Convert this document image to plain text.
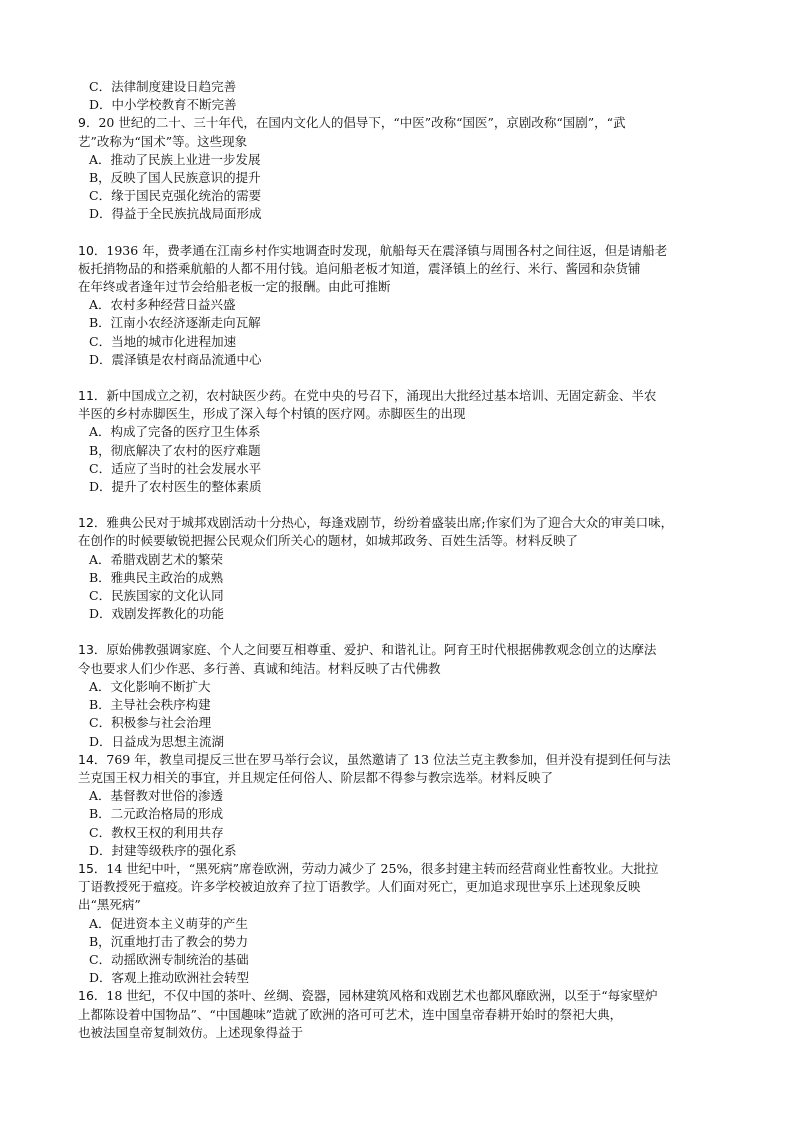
C．法律制度建设日趋完善
D．中小学校教育不断完善
9．20 世纪的二十、三十年代，在国内文化人的倡导下，“中医”改称“国医”，京剧改称“国剧”，“武
艺”改称为“国术”等。这些现象
A．推动了民族上业进一步发展
B，反映了国人民族意识的提升
C．缘于国民克强化统治的需要
D．得益于全民族抗战局面形成
10．1936 年，费孝通在江南乡村作实地调查时发现，航船每天在震泽镇与周围各村之间往返，但是请船老
板托捎物品的和搭乘航船的人都不用付钱。追问船老板才知道，震泽镇上的丝行、米行、酱园和杂货铺
在年终或者逢年过节会给船老板一定的报酬。由此可推断
A．农村多种经营日益兴盛
B．江南小农经济逐渐走向瓦解
C．当地的城市化进程加速
D．震泽镇是农村商品流通中心
11．新中国成立之初，农村缺医少药。在党中央的号召下，涌现出大批经过基本培训、无固定薪金、半农
半医的乡村赤脚医生，形成了深入每个村镇的医疗网。赤脚医生的出现
A．构成了完备的医疗卫生体系
B，彻底解决了农村的医疗难题
C．适应了当时的社会发展水平
D．提升了农村医生的整体素质
12．雅典公民对于城邦戏剧活动十分热心，每逢戏剧节，纷纷着盛装出席;作家们为了迎合大众的审美口味，
在创作的时候要敏锐把握公民观众们所关心的题材，如城邦政务、百姓生活等。材料反映了
A．希腊戏剧艺术的繁荣
B．雅典民主政治的成熟
C．民族国家的文化认同
D．戏剧发挥教化的功能
13．原始佛教强调家庭、个人之间要互相尊重、爱护、和谐礼让。阿育王时代根据佛教观念创立的达摩法
令也要求人们少作恶、多行善、真诚和纯洁。材料反映了古代佛教
A．文化影响不断扩大
B．主导社会秩序构建
C．积极参与社会治理
D．日益成为思想主流湖
14．769 年，教皇司提反三世在罗马举行会议，虽然邀请了 13 位法兰克主教参加，但并没有提到任何与法
兰克国王权力相关的事宜，并且规定任何俗人、阶层都不得参与教宗选举。材料反映了
A．基督教对世俗的渗透
B．二元政治格局的形成
C．教权王权的利用共存
D．封建等级秩序的强化系
15．14 世纪中叶，“黑死病”席卷欧洲，劳动力减少了 25%，很多封建主转而经营商业性畜牧业。大批拉
丁语教授死于瘟疫。许多学校被迫放弃了拉丁语教学。人们面对死亡，更加追求现世享乐上述现象反映
出“黑死病”
A．促进资本主义萌芽的产生
B，沉重地打击了教会的势力
C．动摇欧洲专制统治的基础
D．客观上推动欧洲社会转型
16．18 世纪，不仅中国的茶叶、丝绸、瓷器，园林建筑风格和戏剧艺术也都风靡欧洲，以至于“每家壁炉
上都陈设着中国物品”、“中国趣味”造就了欧洲的洛可可艺术，连中国皇帝春耕开始时的祭祀大典，
也被法国皇帝复制效仿。上述现象得益于
